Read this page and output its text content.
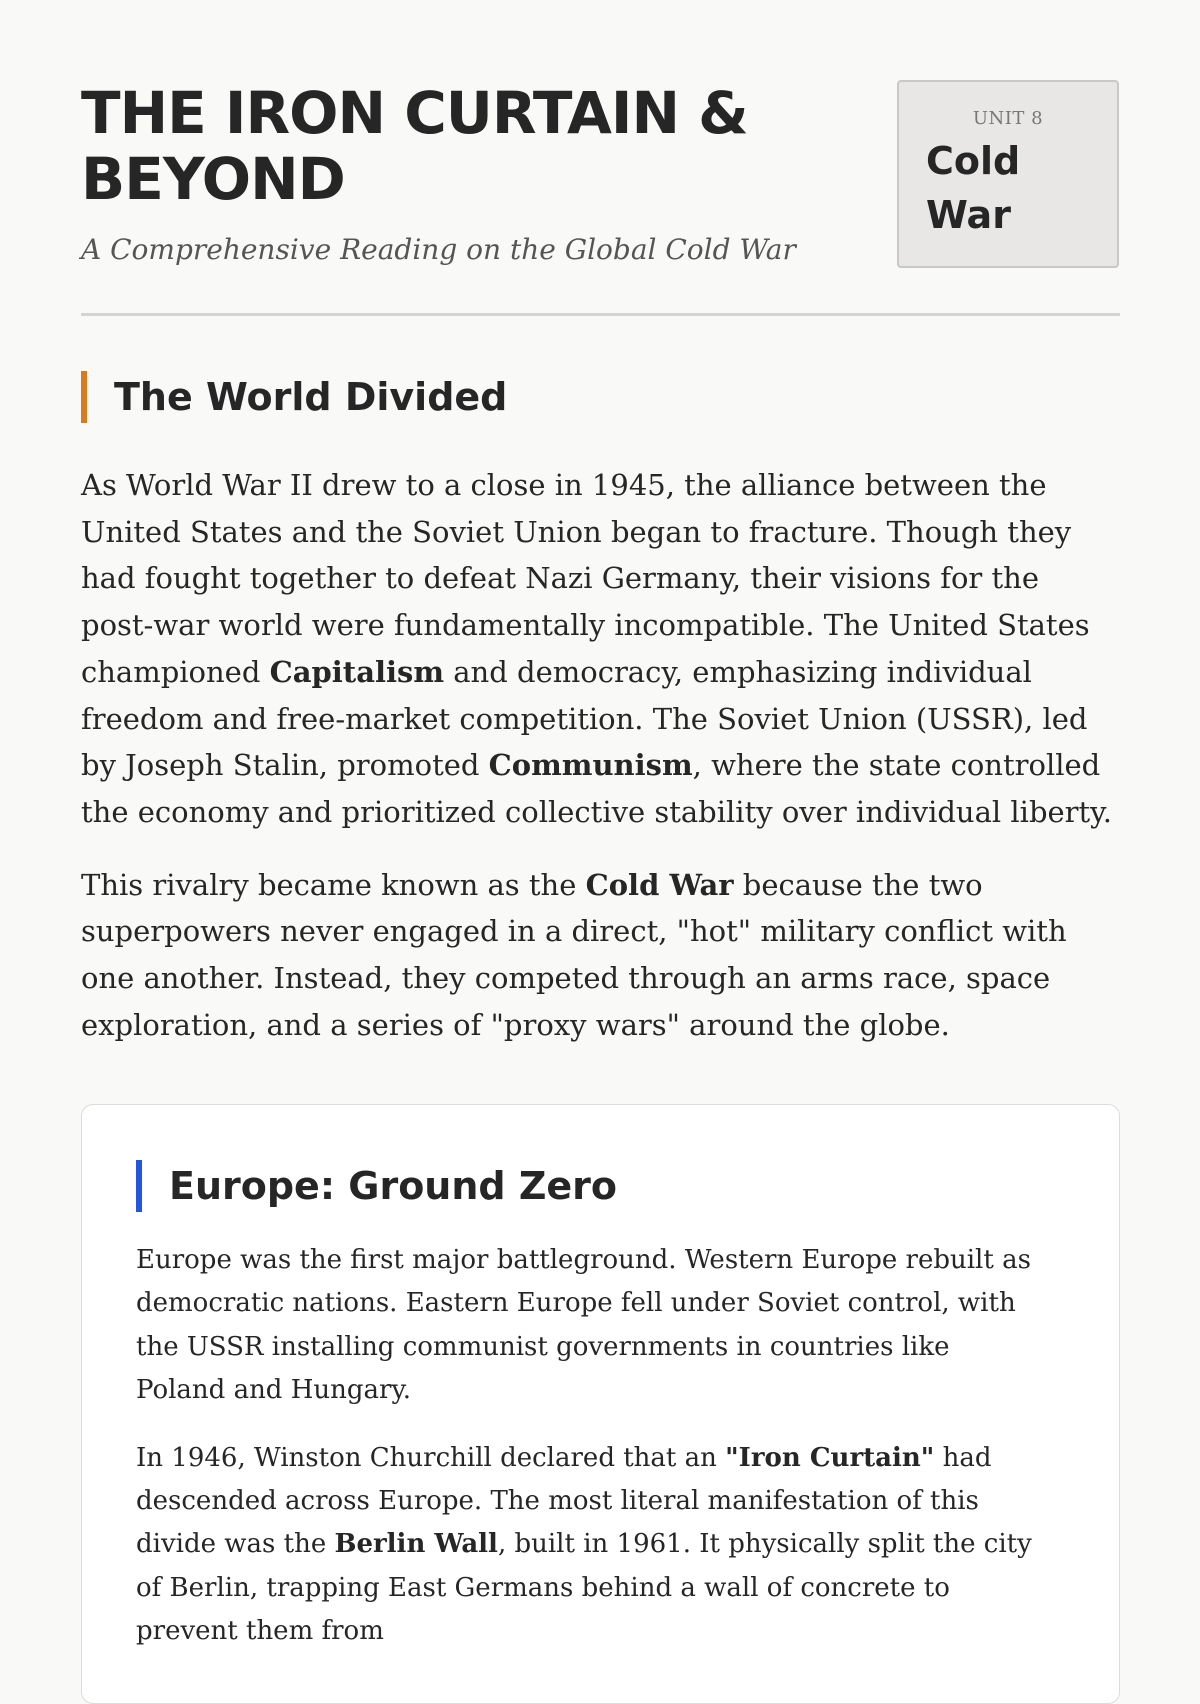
THE IRON CURTAIN & BEYOND

A Comprehensive Reading on the Global Cold War

UNIT 8
Cold War
The World Divided

As World War II drew to a close in 1945, the alliance between the United States and the Soviet Union began to fracture. Though they had fought together to defeat Nazi Germany, their visions for the post-war world were fundamentally incompatible. The United States championed Capitalism and democracy, emphasizing individual freedom and free-market competition. The Soviet Union (USSR), led by Joseph Stalin, promoted Communism, where the state controlled the economy and prioritized collective stability over individual liberty.

This rivalry became known as the Cold War because the two superpowers never engaged in a direct, "hot" military conflict with one another. Instead, they competed through an arms race, space exploration, and a series of "proxy wars" around the globe.

Europe: Ground Zero

Europe was the first major battleground. Western Europe rebuilt as democratic nations. Eastern Europe fell under Soviet control, with the USSR installing communist governments in countries like Poland and Hungary.

In 1946, Winston Churchill declared that an "Iron Curtain" had descended across Europe. The most literal manifestation of this divide was the Berlin Wall, built in 1961. It physically split the city of Berlin, trapping East Germans behind a wall of concrete to prevent them from
